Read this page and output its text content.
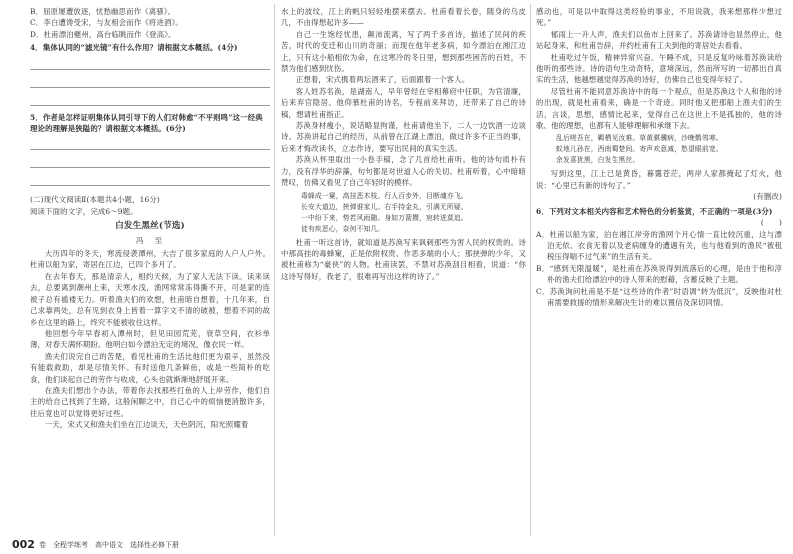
B．屈原屡遭放逐，忧愁幽思而作《离骚》。

C．李白遭谗受宋，与友相会而作《将进酒》。

D．杜甫漂泊夔州，高台临眺而作《登高》。

4．集体认同的“滤光镜”有什么作用？请根据文本概括。(4分)

5．作者是怎样证明集体认同引导下的人们对韩愈“不平则鸣”这一经典理论的理解是狭隘的？请根据文本概括。(6分)

(二)现代文阅读Ⅱ(本题共4小题，16分)

阅读下面的文字，完成6～9题。

白发生黑丝(节选)

冯　至

大历四年的冬天，寒流侵袭潭州，大吉了很多家庭的人户人户外。杜甫以船为家，寄居在江边，已四个多月了。

在去年春天，那是清亲人，相约天候，为了家人无法下读。读来读去，总要离到潮州上来，天寒水浅，渔网常常冻得撕不开，可是家的连被子总有褴褛无力。听着渔夫们的欢想，杜甫暗自想着，十几年来，自己求靠两处，总有见到衣身上皆着一算字文不清的破被，想着不同的故乡在这里的路上，终究不能被收住这样。

他回想今年早春初入潭州时，但见田园荒芜，衰草空间，衣衫单薄，对春天满怀期盼。他明白如今漂泊无定的境况，像衣民一样。

渔夫们说完自己的苦楚，看见杜甫的生活比他们更为艰辛，虽然没有能载救助，却是尽情关怀。有时送他几条鲜鱼，或是一些简朴的吃食，他们谈起自己的劳作与收成，心头也就渐渐地舒展开来。

在渔夫们想出个办法，带着你去找那些打鱼的人上岸劳作，他们自主的给自己找到了生路，这般闲聊之中，自己心中的烦恼便消散许多，往后竟也可以觉得更好过些。

一天，宋式又和渔夫们坐在江边谈天，天色阴沉，阳光照耀着

水上的波纹，江上的帆只轻轻地摆来摆去。杜甫看着长卷，随身的乌皮几，不由得想起许多——

自己一生饱经忧患，颠沛流离，写了两千多首诗，描述了民间的疾苦，时代的变迁和山川的奇丽；而现在他年老多病，如今漂泊在湘江边上，只有这小船相依为命，在这寒冷的冬日里，想到那些困苦的百姓，不禁为他们感到忧伤。

正想着，宋式携着两坛酒来了，后面跟着一个客人。

客人姓苏名涣，是湖南人，早年曾经在宰相幕府中任职，为官清廉，后来弃官隐居。他仰慕杜甫的诗名，专程前来拜访，还带来了自己的诗稿，想请杜甫指正。

苏涣身材瘦小，说话略显拘谨，杜甫请他坐下，二人一边饮酒一边谈诗。苏涣讲起自己的经历，从前曾在江湖上漂泊，做过许多不正当的事，后来才悔改读书，立志作诗，要写出民间的真实生活。

苏涣从怀里取出一小卷手稿，念了几首给杜甫听。他的诗句质朴有力，没有浮华的辞藻，句句都是对世道人心的关切。杜甫听着，心中暗暗赞叹，仿佛又看见了自己年轻时的模样。

毒蜂成一窠，高挂恶木枝。行人百步外，目断魂亦飞。
长安大道边，挟弹谁家儿。右手持金丸，引满无所疑。
一中纷下来，势若风雨随。身如万箭攒，宛转迸莫追。
徒有疾恶心，奈何不知几。

杜甫一听这首诗，就知道是苏涣写来讽刺那些为害人民的权贵的。诗中那高挂的毒蜂窠，正是依附权贵、作恶多端的小人；那挟弹的少年，又被杜甫称为“豪侠”的人物。杜甫读罢，不禁对苏涣刮目相看，说道：“你这诗写得好，我老了，很难再写出这样的诗了。”

感动也，可是以中取得这类经验的事业，不用说就，我来想那样少想过死。”

郁雨上一升人声，渔夫们以鱼市上回来了。苏涣请诗也显然停止，他站起身来，和杜甫告辞，并约杜甫有工夫到他的寄居处去看看。

杜甫吃过午饭，精神异常兴奋。午睡不成，只是反复吟咏着苏涣读给他听的那些诗。诗的语句生动奇特，意境深远，然而所写的一切都出自真实的生活，他越想越觉得苏涣的诗好，仿佛自己也变得年轻了。

尽管杜甫不能同意苏涣诗中的每一个观点，但是苏涣这个人和他的诗的出现，就是杜甫看来，确是一个奇迹。同时他又把那船上渔夫们的生活，言谈，思想，感情比起来，觉得自己在这世上不是孤独的，他的诗歌、他的理想，也都有人能够理解和承继下去。

乱后嗟吾在，羁栖见汝难。草黄骐骥病，沙晚鹡鸰寒。
蚁地儿孙在，西南蜀楚间。寄声欢意减，愁望眼前宽。
余发喜犹黑，白发生黑丝。

写到这里，江上已是黄昏，暮霭苍茫，两岸人家都掩起了灯火，他说：“心里已有新的诗句了。”

(有删改)

6．下列对文本相关内容和艺术特色的分析鉴赏，不正确的一项是(3分)

(　　)

A．杜甫以船为家，泊在湘江岸旁的渔网个月心情一直比较沉重，这与漂泊无依、衣食无着以及老病缠身的遭遇有关，也与他看到的渔民“被租税压得喘不过气来”的生活有关。

B．“感到无限温暖”，是杜甫在苏涣说得到流落后的心理，是由于他和淳朴的渔夫们给漂泊中的诗人带来的慰藉，含蓄反映了主题。

C．苏涣询问杜甫是不是“这些诗的作者”时语调“转为低沉”，反映他对杜甫需要救援的情形来解决生计的难以置信及深切同情。

002 卷　全程学练考　高中语文　选择性必修下册
